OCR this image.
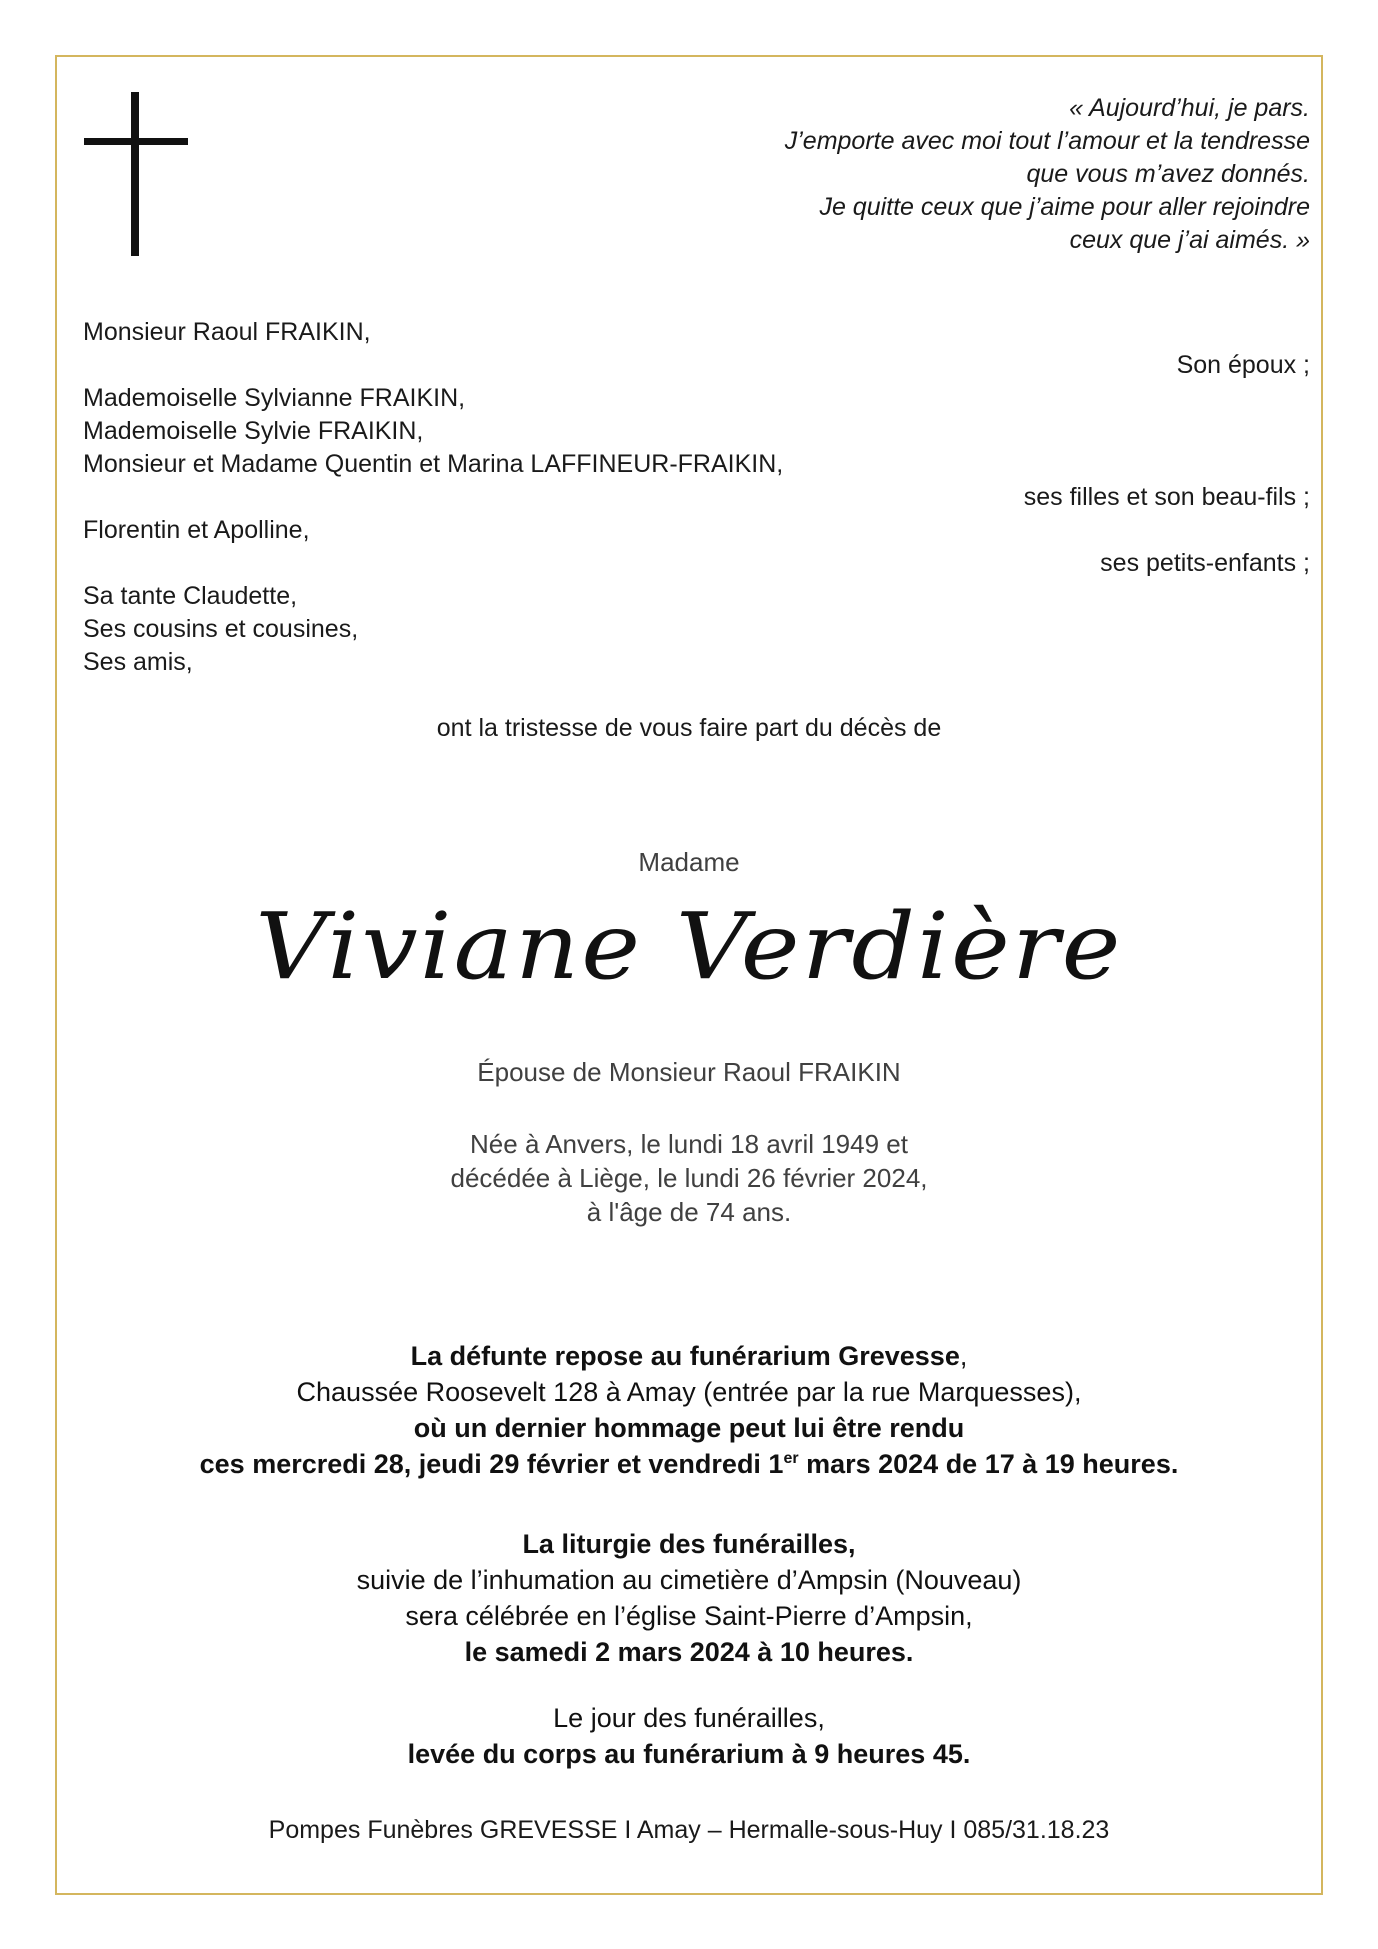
« Aujourd’hui, je pars.
J’emporte avec moi tout l’amour et la tendresse
que vous m’avez donnés.
Je quitte ceux que j’aime pour aller rejoindre
ceux que j’ai aimés. »
Monsieur Raoul FRAIKIN,
Son époux ;
Mademoiselle Sylvianne FRAIKIN,
Mademoiselle Sylvie FRAIKIN,
Monsieur et Madame Quentin et Marina LAFFINEUR-FRAIKIN,
ses filles et son beau-fils ;
Florentin et Apolline,
ses petits-enfants ;
Sa tante Claudette,
Ses cousins et cousines,
Ses amis,
ont la tristesse de vous faire part du décès de
Madame
Viviane Verdière
Épouse de Monsieur Raoul FRAIKIN
Née à Anvers, le lundi 18 avril 1949 et
décédée à Liège, le lundi 26 février 2024,
à l'âge de 74 ans.
La défunte repose au funérarium Grevesse,
Chaussée Roosevelt 128 à Amay (entrée par la rue Marquesses),
où un dernier hommage peut lui être rendu
ces mercredi 28, jeudi 29 février et vendredi 1er mars 2024 de 17 à 19 heures.
La liturgie des funérailles,
suivie de l’inhumation au cimetière d’Ampsin (Nouveau)
sera célébrée en l’église Saint-Pierre d’Ampsin,
le samedi 2 mars 2024 à 10 heures.
Le jour des funérailles,
levée du corps au funérarium à 9 heures 45.
Pompes Funèbres GREVESSE I Amay – Hermalle-sous-Huy I 085/31.18.23
